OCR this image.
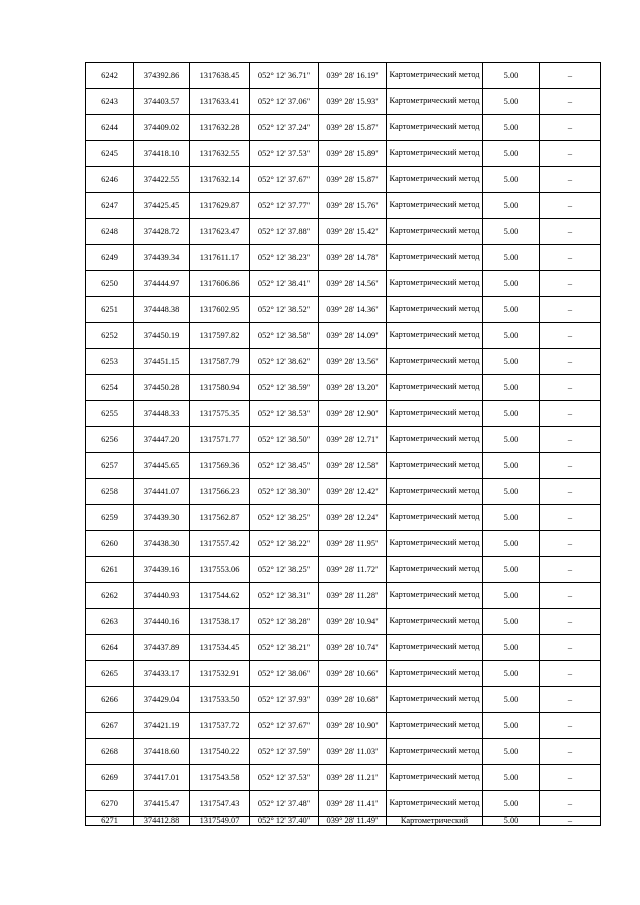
6242	374392.86	1317638.45	052° 12' 36.71"	039° 28' 16.19"	Картометрический метод	5.00	–
6243	374403.57	1317633.41	052° 12' 37.06"	039° 28' 15.93"	Картометрический метод	5.00	–
6244	374409.02	1317632.28	052° 12' 37.24"	039° 28' 15.87"	Картометрический метод	5.00	–
6245	374418.10	1317632.55	052° 12' 37.53"	039° 28' 15.89"	Картометрический метод	5.00	–
6246	374422.55	1317632.14	052° 12' 37.67"	039° 28' 15.87"	Картометрический метод	5.00	–
6247	374425.45	1317629.87	052° 12' 37.77"	039° 28' 15.76"	Картометрический метод	5.00	–
6248	374428.72	1317623.47	052° 12' 37.88"	039° 28' 15.42"	Картометрический метод	5.00	–
6249	374439.34	1317611.17	052° 12' 38.23"	039° 28' 14.78"	Картометрический метод	5.00	–
6250	374444.97	1317606.86	052° 12' 38.41"	039° 28' 14.56"	Картометрический метод	5.00	–
6251	374448.38	1317602.95	052° 12' 38.52"	039° 28' 14.36"	Картометрический метод	5.00	–
6252	374450.19	1317597.82	052° 12' 38.58"	039° 28' 14.09"	Картометрический метод	5.00	–
6253	374451.15	1317587.79	052° 12' 38.62"	039° 28' 13.56"	Картометрический метод	5.00	–
6254	374450.28	1317580.94	052° 12' 38.59"	039° 28' 13.20"	Картометрический метод	5.00	–
6255	374448.33	1317575.35	052° 12' 38.53"	039° 28' 12.90"	Картометрический метод	5.00	–
6256	374447.20	1317571.77	052° 12' 38.50"	039° 28' 12.71"	Картометрический метод	5.00	–
6257	374445.65	1317569.36	052° 12' 38.45"	039° 28' 12.58"	Картометрический метод	5.00	–
6258	374441.07	1317566.23	052° 12' 38.30"	039° 28' 12.42"	Картометрический метод	5.00	–
6259	374439.30	1317562.87	052° 12' 38.25"	039° 28' 12.24"	Картометрический метод	5.00	–
6260	374438.30	1317557.42	052° 12' 38.22"	039° 28' 11.95"	Картометрический метод	5.00	–
6261	374439.16	1317553.06	052° 12' 38.25"	039° 28' 11.72"	Картометрический метод	5.00	–
6262	374440.93	1317544.62	052° 12' 38.31"	039° 28' 11.28"	Картометрический метод	5.00	–
6263	374440.16	1317538.17	052° 12' 38.28"	039° 28' 10.94"	Картометрический метод	5.00	–
6264	374437.89	1317534.45	052° 12' 38.21"	039° 28' 10.74"	Картометрический метод	5.00	–
6265	374433.17	1317532.91	052° 12' 38.06"	039° 28' 10.66"	Картометрический метод	5.00	–
6266	374429.04	1317533.50	052° 12' 37.93"	039° 28' 10.68"	Картометрический метод	5.00	–
6267	374421.19	1317537.72	052° 12' 37.67"	039° 28' 10.90"	Картометрический метод	5.00	–
6268	374418.60	1317540.22	052° 12' 37.59"	039° 28' 11.03"	Картометрический метод	5.00	–
6269	374417.01	1317543.58	052° 12' 37.53"	039° 28' 11.21"	Картометрический метод	5.00	–
6270	374415.47	1317547.43	052° 12' 37.48"	039° 28' 11.41"	Картометрический метод	5.00	–
6271	374412.88	1317549.07	052° 12' 37.40"	039° 28' 11.49"	Картометрический	5.00	–
